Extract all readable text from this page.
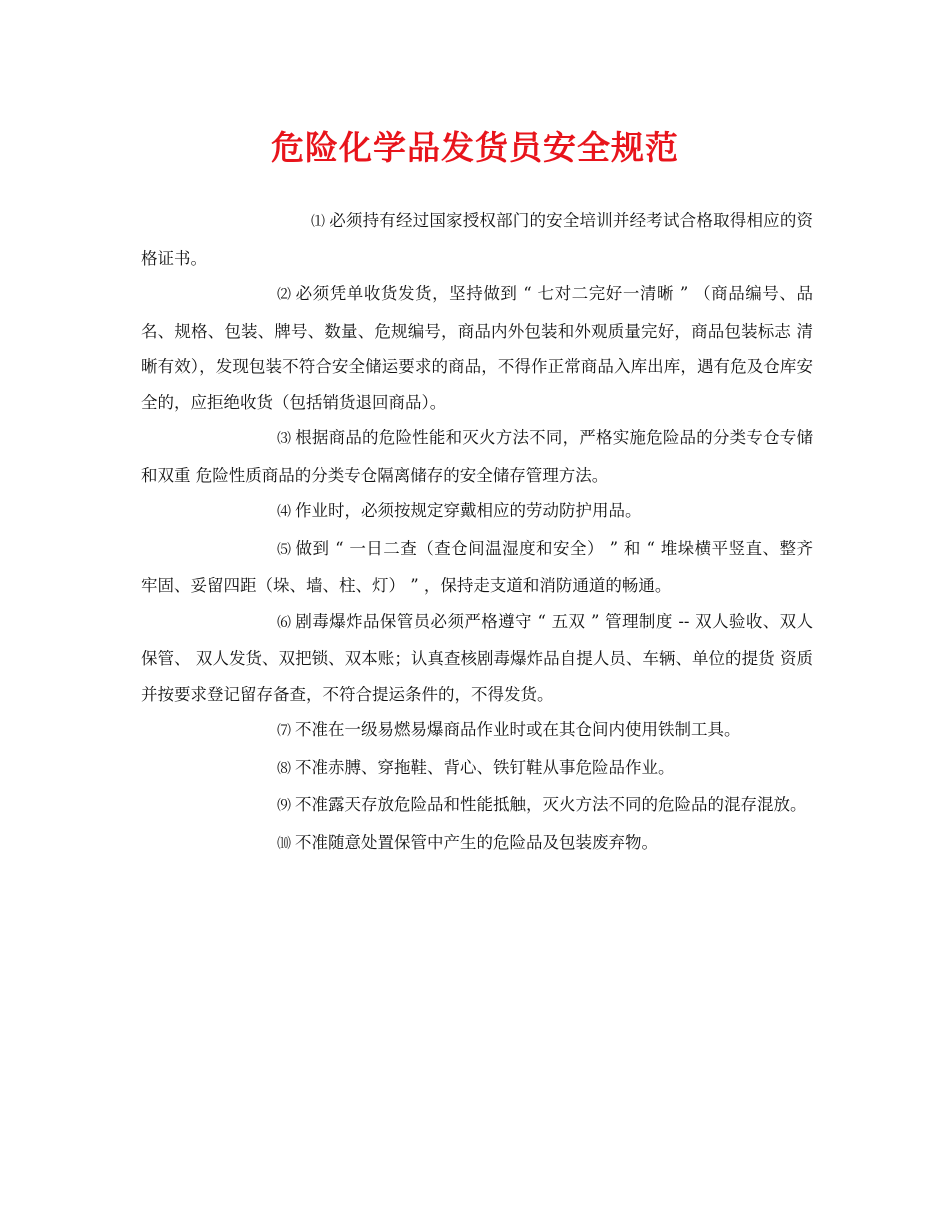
危险化学品发货员安全规范

⑴ 必须持有经过国家授权部门的安全培训并经考试合格取得相应的资格证书。

⑵ 必须凭单收货发货，坚持做到 “ 七对二完好一清晰 ” （商品编号、品名、规格、包装、牌号、数量、危规编号，商品内外包装和外观质量完好，商品包装标志 清晰有效），发现包装不符合安全储运要求的商品，不得作正常商品入库出库，遇有危及仓库安全的，应拒绝收货（包括销货退回商品）。

⑶ 根据商品的危险性能和灭火方法不同，严格实施危险品的分类专仓专储和双重 危险性质商品的分类专仓隔离储存的安全储存管理方法。

⑷ 作业时，必须按规定穿戴相应的劳动防护用品。

⑸ 做到 “ 一日二查（查仓间温湿度和安全） ” 和 “ 堆垛横平竖直、整齐牢固、妥留四距（垛、墙、柱、灯） ” ，保持走支道和消防通道的畅通。

⑹ 剧毒爆炸品保管员必须严格遵守 “ 五双 ” 管理制度 -- 双人验收、双人保管、 双人发货、双把锁、双本账；认真查核剧毒爆炸品自提人员、车辆、单位的提货 资质并按要求登记留存备查，不符合提运条件的，不得发货。

⑺ 不准在一级易燃易爆商品作业时或在其仓间内使用铁制工具。

⑻ 不准赤膊、穿拖鞋、背心、铁钉鞋从事危险品作业。

⑼ 不准露天存放危险品和性能抵触，灭火方法不同的危险品的混存混放。

⑽ 不准随意处置保管中产生的危险品及包装废弃物。
